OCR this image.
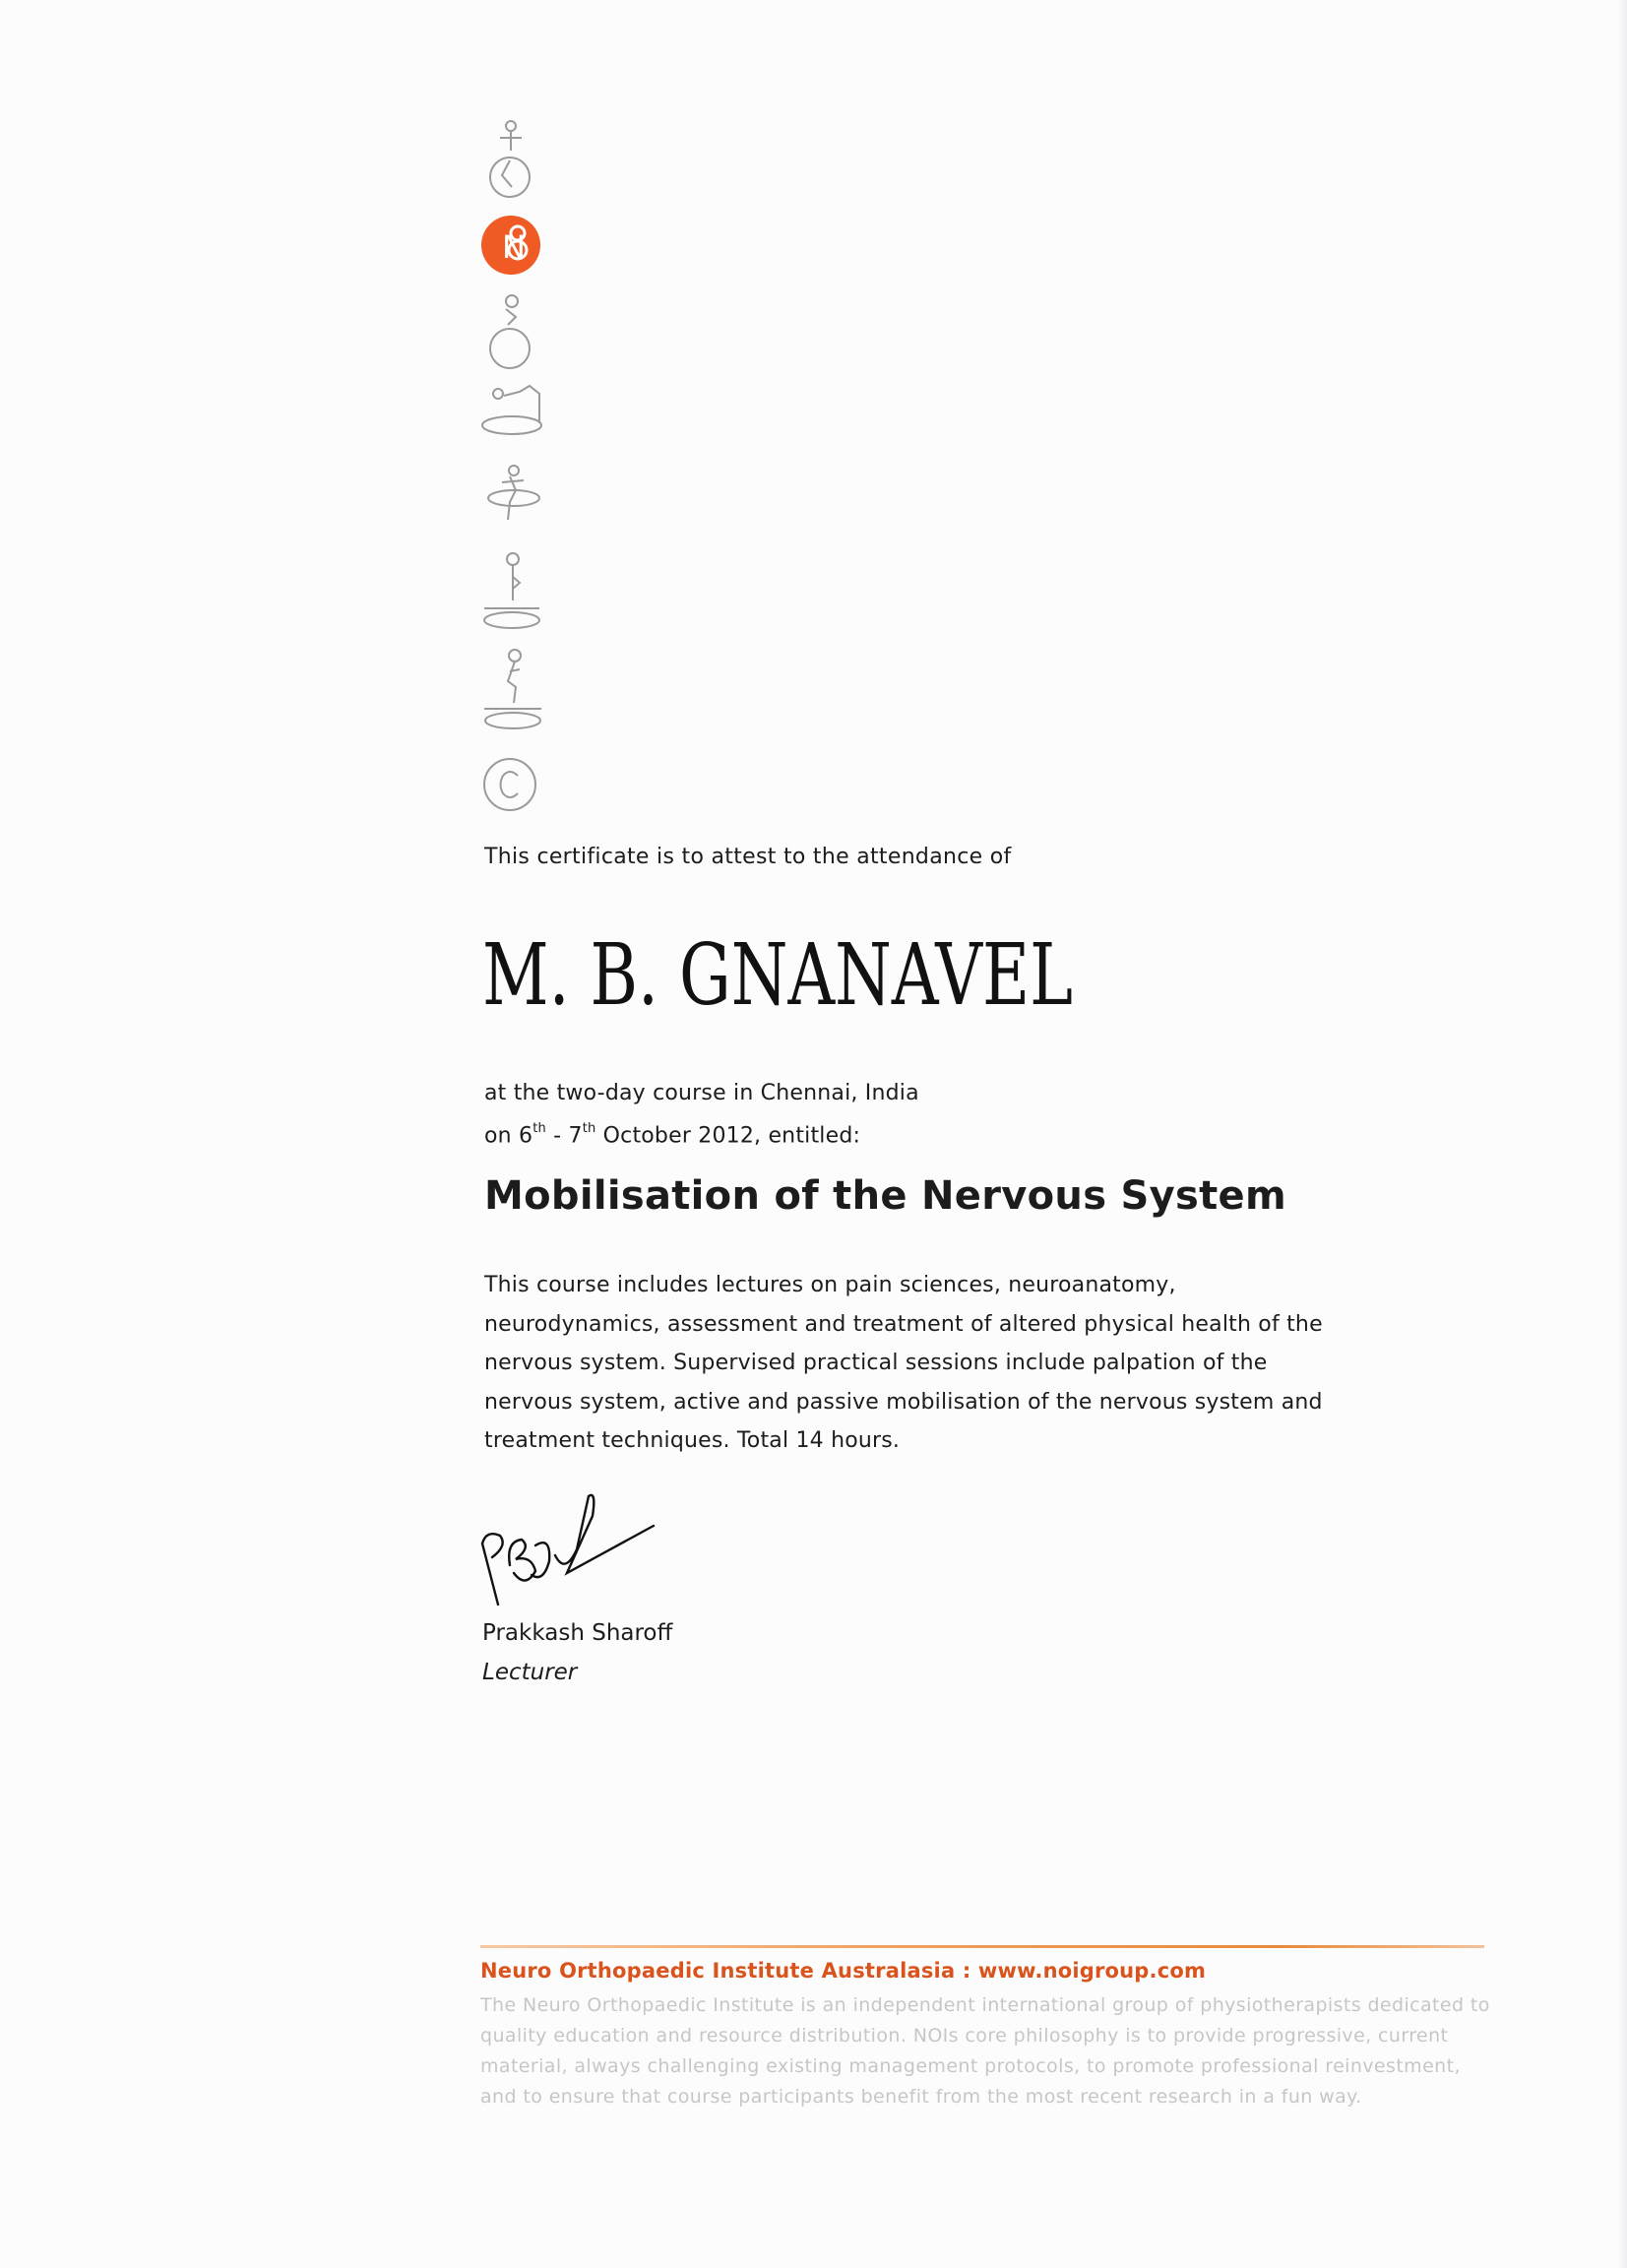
N
This certificate is to attest to the attendance of
M. B. GNANAVEL
at the two-day course in Chennai, India
on 6th - 7th October 2012, entitled:
Mobilisation of the Nervous System

This course includes lectures on pain sciences, neuroanatomy, neurodynamics, assessment and treatment of altered physical health of the nervous system. Supervised practical sessions include palpation of the nervous system, active and passive mobilisation of the nervous system and treatment techniques. Total 14 hours.

Prakkash Sharoff
Lecturer
Neuro Orthopaedic Institute Australasia : www.noigroup.com

The Neuro Orthopaedic Institute is an independent international group of physiotherapists dedicated to quality education and resource distribution. NOIs core philosophy is to provide progressive, current material, always challenging existing management protocols, to promote professional reinvestment, and to ensure that course participants benefit from the most recent research in a fun way.
